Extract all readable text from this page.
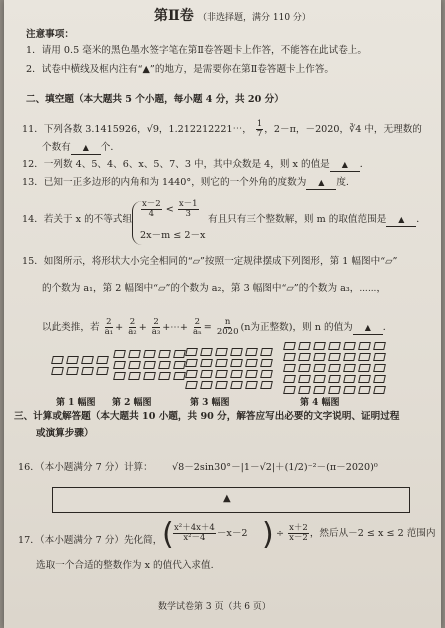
第Ⅱ卷 （非选择题，满分 110 分）
注意事项：
1．请用 0.5 毫米的黑色墨水签字笔在第Ⅱ卷答题卡上作答，不能答在此试卷上。
2．试卷中横线及框内注有“▲”的地方，是需要你在第Ⅱ卷答题卡上作答。
二、填空题（本大题共 5 个小题，每小题 4 分，共 20 分）
11．下列各数 3.1415926，√9，1.212212221⋯， $\frac{1}{7}$ ，2－π，－2020，∛4 中，无理数的
个数有 ▲ 个．
12．一列数 4、5、4、6、x、5、7、3 中，其中众数是 4，则 x 的值是 ▲ ．
13．已知一正多边形的内角和为 1440°，则它的一个外角的度数为 ▲ 度.
14．若关于 x 的不等式组
$\frac{x-2}{4} < \frac{x-1}{3}$
2x－m ≤ 2－x
有且只有三个整数解，则 m 的取值范围是 ▲ ．
15．如图所示，将形状大小完全相同的“▱”按照一定规律摆成下列图形，第 1 幅图中“▱”
的个数为 a₁，第 2 幅图中“▱”的个数为 a₂，第 3 幅图中“▱”的个数为 a₃，⋯⋯，
以此类推，若 $\frac{2}{\text{a₁}} + \frac{2}{\text{a₂}} + \frac{2}{\text{a₃}}$ +⋯+ $\frac{2}{\text{aₙ}} = \frac{n}{2020} (n$为正整数)，则 n 的值为 ▲ ．
第 1 幅图 第 2 幅图	第 3 幅图	第 4 幅图
三、计算或解答题（本大题共 10 小题，共 90 分，解答应写出必要的文字说明、证明过程
或演算步骤）
16．（本小题满分 7 分）计算： √8－2sin30°－|1－√2|＋(1/2)⁻²－(π－2020)⁰
▲
17．（本小题满分 7 分）先化简， ( $\frac{\text{x²＋4x＋4}}{\text{x²－4}} -x-2$ ) ÷ $\frac{x+2}{x-2}$ ，然后从－2 ≤ x ≤ 2 范围内
选取一个合适的整数作为 x 的值代入求值.
数学试卷第 3 页（共 6 页）
